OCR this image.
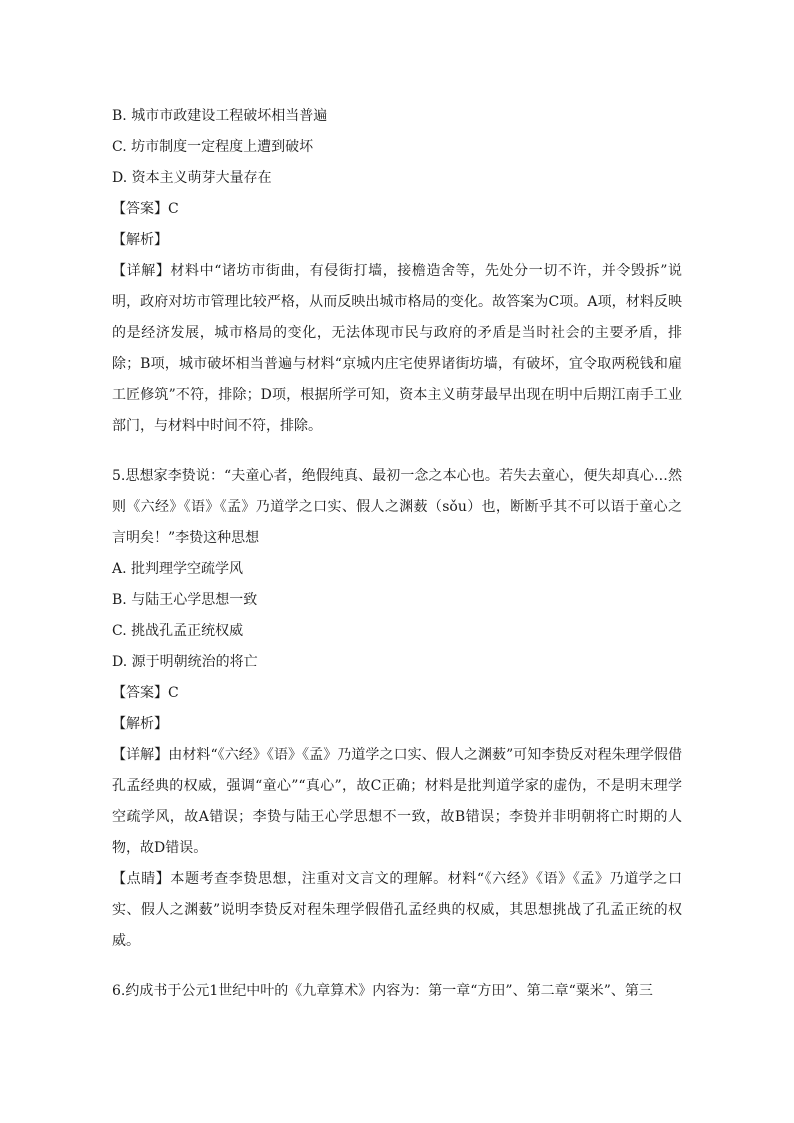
B. 城市市政建设工程破坏相当普遍
C. 坊市制度一定程度上遭到破坏
D. 资本主义萌芽大量存在
【答案】C
【解析】
【详解】材料中“诸坊市街曲，有侵街打墙，接檐造舍等，先处分一切不许，并令毁拆”说明，政府对坊市管理比较严格，从而反映出城市格局的变化。故答案为C项。A项，材料反映的是经济发展，城市格局的变化，无法体现市民与政府的矛盾是当时社会的主要矛盾，排除；B项，城市破坏相当普遍与材料“京城内庄宅使界诸街坊墙，有破坏，宜令取两税钱和雇工匠修筑”不符，排除；D项，根据所学可知，资本主义萌芽最早出现在明中后期江南手工业部门，与材料中时间不符，排除。
5.思想家李贽说：“夫童心者，绝假纯真、最初一念之本心也。若失去童心，便失却真心…然则《六经》《语》《孟》乃道学之口实、假人之渊薮（sǒu）也，断断乎其不可以语于童心之言明矣！”李贽这种思想
A. 批判理学空疏学风
B. 与陆王心学思想一致
C. 挑战孔孟正统权威
D. 源于明朝统治的将亡
【答案】C
【解析】
【详解】由材料“《六经》《语》《孟》乃道学之口实、假人之渊薮”可知李贽反对程朱理学假借孔孟经典的权威，强调“童心”“真心”，故C正确；材料是批判道学家的虚伪，不是明末理学空疏学风，故A错误；李贽与陆王心学思想不一致，故B错误；李贽并非明朝将亡时期的人物，故D错误。
【点睛】本题考查李贽思想，注重对文言文的理解。材料“《六经》《语》《孟》乃道学之口实、假人之渊薮”说明李贽反对程朱理学假借孔孟经典的权威，其思想挑战了孔孟正统的权威。
6.约成书于公元1世纪中叶的《九章算术》内容为：第一章“方田”、第二章“粟米”、第三
